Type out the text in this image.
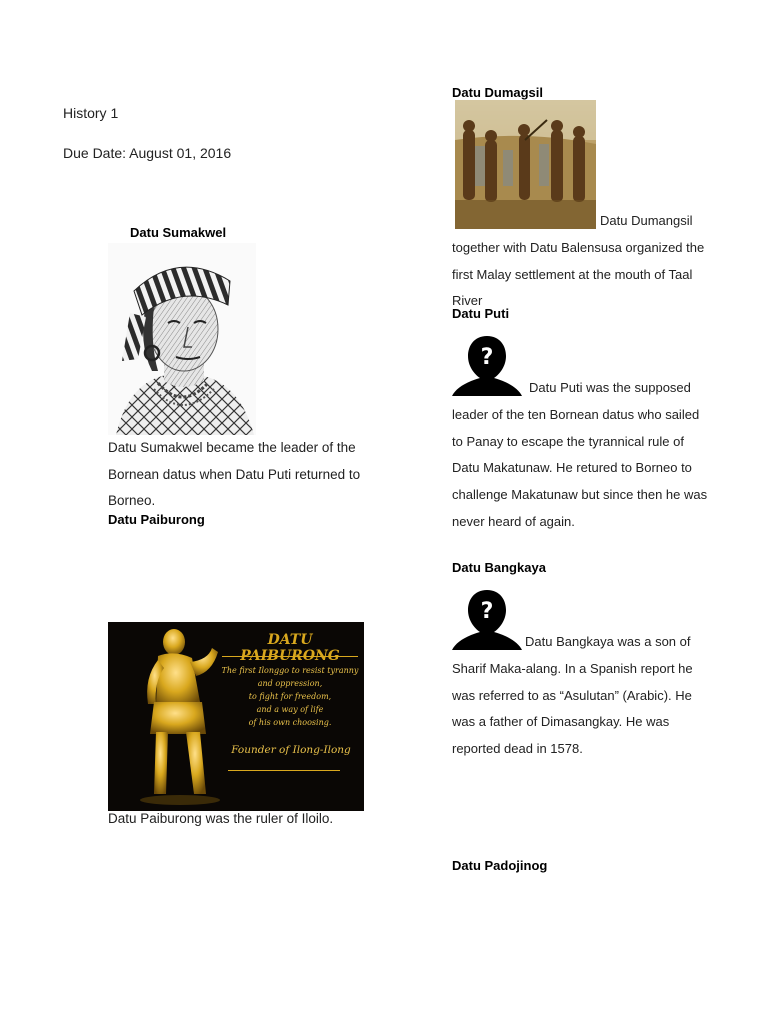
History 1
Due Date: August 01, 2016
Datu Sumakwel
Datu Sumakwel became the leader of the Bornean datus when Datu Puti returned to Borneo.
Datu Paiburong
DATU PAIBURONG
The first Ilonggo to resist tyranny
and oppression,
to fight for freedom,
and a way of life
of his own choosing.
Founder of Ilong-Ilong
Datu Paiburong was the ruler of Iloilo.
Datu Dumagsil
Datu Dumangsil together with Datu Balensusa organized the first Malay settlement at the mouth of Taal River
Datu Puti
?
Datu Puti was the supposed leader of the ten Bornean datus who sailed to Panay to escape the tyrannical rule of Datu Makatunaw. He retured to Borneo to challenge Makatunaw but since then he was never heard of again.
Datu Bangkaya
?
Datu Bangkaya was a son of Sharif Maka-alang. In a Spanish report he was referred to as “Asulutan” (Arabic). He was a father of Dimasangkay. He was reported dead in 1578.
Datu Padojinog
